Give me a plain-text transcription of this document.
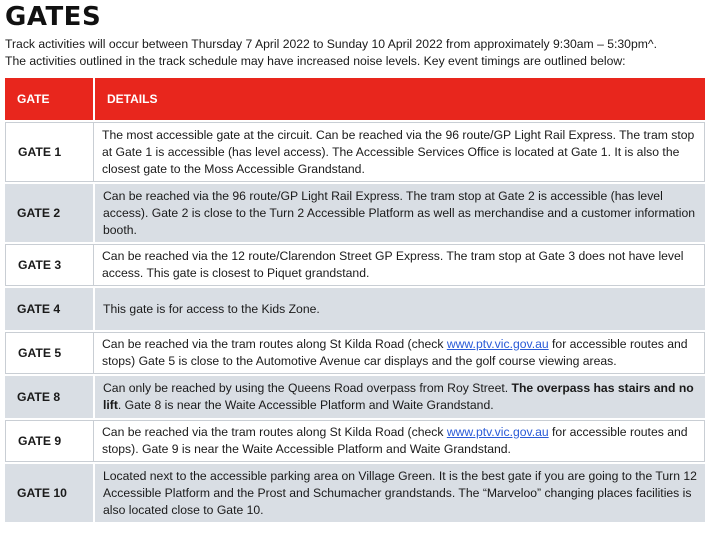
GATES

Track activities will occur between Thursday 7 April 2022 to Sunday 10 April 2022 from approximately 9:30am – 5:30pm^.

The activities outlined in the track schedule may have increased noise levels. Key event timings are outlined below:

GATE	DETAILS
GATE 1	The most accessible gate at the circuit. Can be reached via the 96 route/GP Light Rail Express. The tram stop at Gate 1 is accessible (has level access). The Accessible Services Office is located at Gate 1. It is also the closest gate to the Moss Accessible Grandstand.
GATE 2	Can be reached via the 96 route/GP Light Rail Express. The tram stop at Gate 2 is accessible (has level access). Gate 2 is close to the Turn 2 Accessible Platform as well as merchandise and a customer information booth.
GATE 3	Can be reached via the 12 route/Clarendon Street GP Express. The tram stop at Gate 3 does not have level access. This gate is closest to Piquet grandstand.
GATE 4	This gate is for access to the Kids Zone.
GATE 5	Can be reached via the tram routes along St Kilda Road (check www.ptv.vic.gov.au for accessible routes and stops) Gate 5 is close to the Automotive Avenue car displays and the golf course viewing areas.
GATE 8	Can only be reached by using the Queens Road overpass from Roy Street. The overpass has stairs and no lift. Gate 8 is near the Waite Accessible Platform and Waite Grandstand.
GATE 9	Can be reached via the tram routes along St Kilda Road (check www.ptv.vic.gov.au for accessible routes and stops). Gate 9 is near the Waite Accessible Platform and Waite Grandstand.
GATE 10	Located next to the accessible parking area on Village Green. It is the best gate if you are going to the Turn 12 Accessible Platform and the Prost and Schumacher grandstands. The “Marveloo” changing places facilities is also located close to Gate 10.
